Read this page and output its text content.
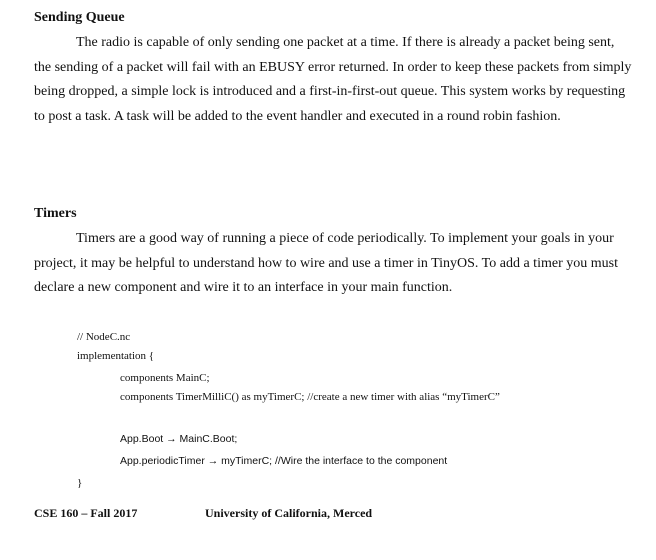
Sending Queue

The radio is capable of only sending one packet at a time. If there is already a packet being sent, the sending of a packet will fail with an EBUSY error returned. In order to keep these packets from simply being dropped, a simple lock is introduced and a first-in-first-out queue. This system works by requesting to post a task. A task will be added to the event handler and executed in a round robin fashion.

Timers

Timers are a good way of running a piece of code periodically. To implement your goals in your project, it may be helpful to understand how to wire and use a timer in TinyOS. To add a timer you must declare a new component and wire it to an interface in your main function.

// NodeC.nc
implementation {
components MainC;
components TimerMilliC() as myTimerC; //create a new timer with alias “myTimerC”
App.Boot → MainC.Boot;
App.periodicTimer → myTimerC; //Wire the interface to the component
}
CSE 160 – Fall 2017	University of California, Merced
